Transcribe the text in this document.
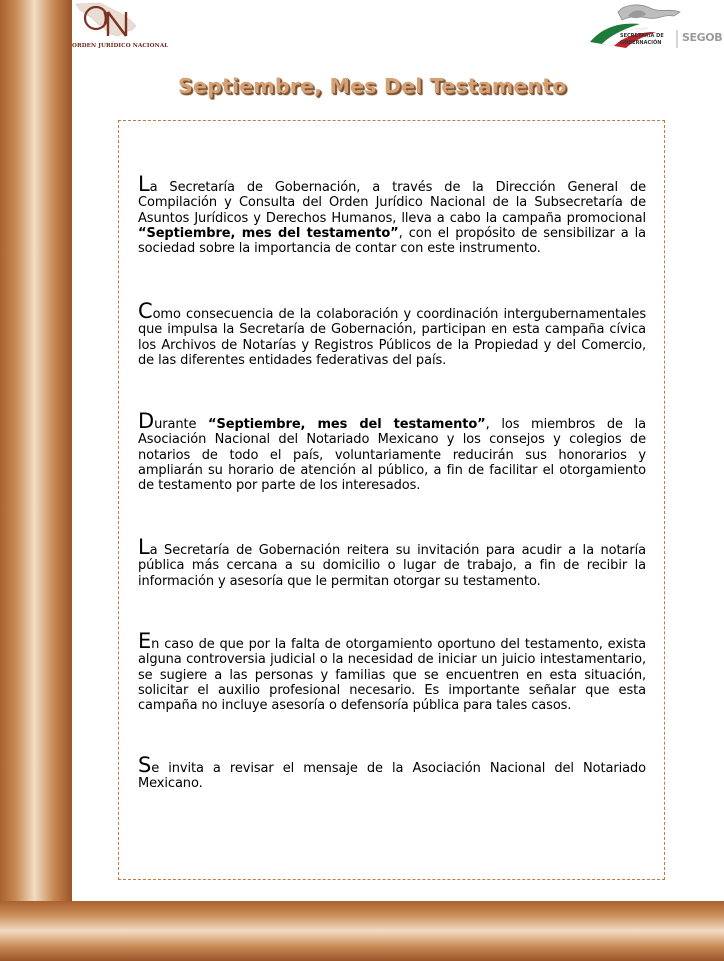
ORDEN JURÍDICO NACIONAL
SECRETARÍA DE
GOBERNACIÓN SEGOB
Septiembre, Mes Del Testamento

La Secretaría de Gobernación, a través de la Dirección General de Compilación y Consulta del Orden Jurídico Nacional de la Subsecretaría de Asuntos Jurídicos y Derechos Humanos, lleva a cabo la campaña promocional “Septiembre, mes del testamento”, con el propósito de sensibilizar a la sociedad sobre la importancia de contar con este instrumento.

Como consecuencia de la colaboración y coordinación intergubernamentales que impulsa la Secretaría de Gobernación, participan en esta campaña cívica los Archivos de Notarías y Registros Públicos de la Propiedad y del Comercio, de las diferentes entidades federativas del país.

Durante “Septiembre, mes del testamento”, los miembros de la Asociación Nacional del Notariado Mexicano y los consejos y colegios de notarios de todo el país, voluntariamente reducirán sus honorarios y ampliarán su horario de atención al público, a fin de facilitar el otorgamiento de testamento por parte de los interesados.

La Secretaría de Gobernación reitera su invitación para acudir a la notaría pública más cercana a su domicilio o lugar de trabajo, a fin de recibir la información y asesoría que le permitan otorgar su testamento.

En caso de que por la falta de otorgamiento oportuno del testamento, exista alguna controversia judicial o la necesidad de iniciar un juicio intestamentario, se sugiere a las personas y familias que se encuentren en esta situación, solicitar el auxilio profesional necesario. Es importante señalar que esta campaña no incluye asesoría o defensoría pública para tales casos.

Se invita a revisar el mensaje de la Asociación Nacional del Notariado Mexicano.
